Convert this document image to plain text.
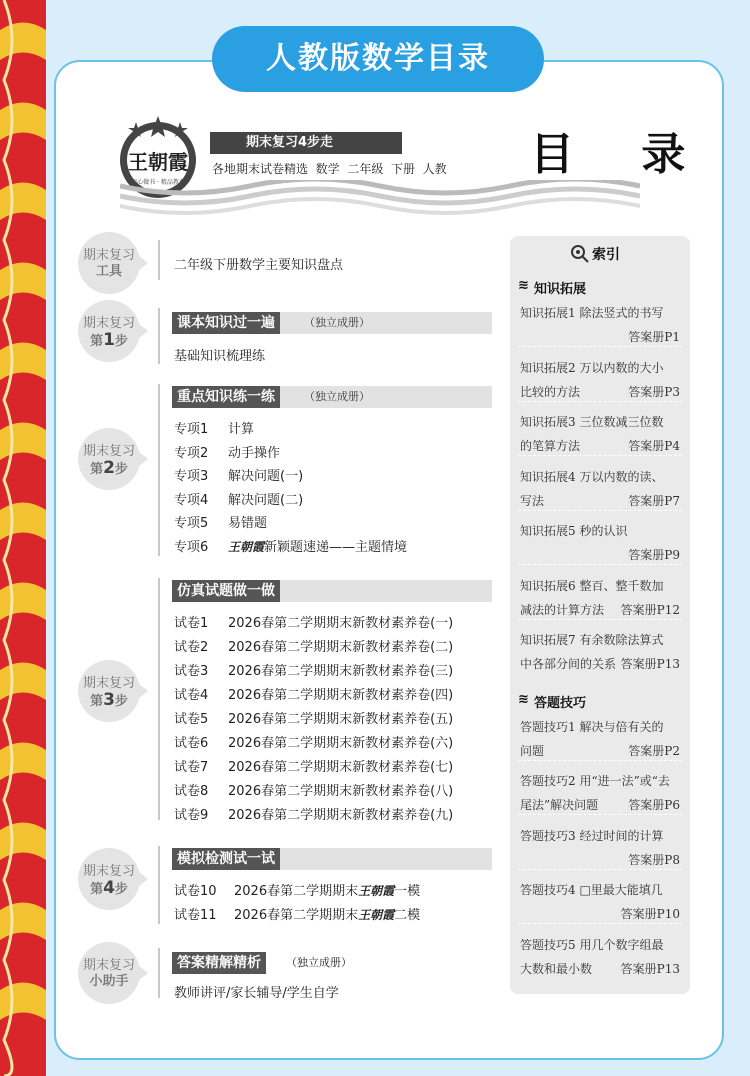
人教版数学目录
王朝霞
用心做书 · 精品教育
期末复习4步走
各地期末试卷精选 数学 二年级 下册 人教 目 录
期末复习
工具
期末复习
第1步
期末复习
第2步
期末复习
第3步
期末复习
第4步
期末复习
小助手
二年级下册数学主要知识盘点
课本知识过一遍	（独立成册）
基础知识梳理练
重点知识练一练	（独立成册）
专项1 计算
专项2 动手操作
专项3 解决问题(一)
专项4 解决问题(二)
专项5 易错题
专项6 王朝霞新颖题速递——主题情境
仿真试题做一做
试卷1 2026春第二学期期末新教材素养卷(一)
试卷2 2026春第二学期期末新教材素养卷(二)
试卷3 2026春第二学期期末新教材素养卷(三)
试卷4 2026春第二学期期末新教材素养卷(四)
试卷5 2026春第二学期期末新教材素养卷(五)
试卷6 2026春第二学期期末新教材素养卷(六)
试卷7 2026春第二学期期末新教材素养卷(七)
试卷8 2026春第二学期期末新教材素养卷(八)
试卷9 2026春第二学期期末新教材素养卷(九)
模拟检测试一试
试卷10 2026春第二学期期末王朝霞一模
试卷11 2026春第二学期期末王朝霞二模
答案精解精析	（独立成册）
教师讲评/家长辅导/学生自学
索引
≋ 知识拓展
知识拓展1 除法竖式的书写
答案册P1
知识拓展2 万以内数的大小
比较的方法	答案册P3
知识拓展3 三位数减三位数
的笔算方法	答案册P4
知识拓展4 万以内数的读、
写法	答案册P7
知识拓展5 秒的认识
答案册P9
知识拓展6 整百、整千数加
减法的计算方法 答案册P12
知识拓展7 有余数除法算式
中各部分间的关系 答案册P13
≋ 答题技巧
答题技巧1 解决与倍有关的
问题	答案册P2
答题技巧2 用“进一法”或“去
尾法”解决问题	答案册P6
答题技巧3 经过时间的计算
答案册P8
答题技巧4 □里最大能填几
答案册P10
答题技巧5 用几个数字组最
大数和最小数 答案册P13
